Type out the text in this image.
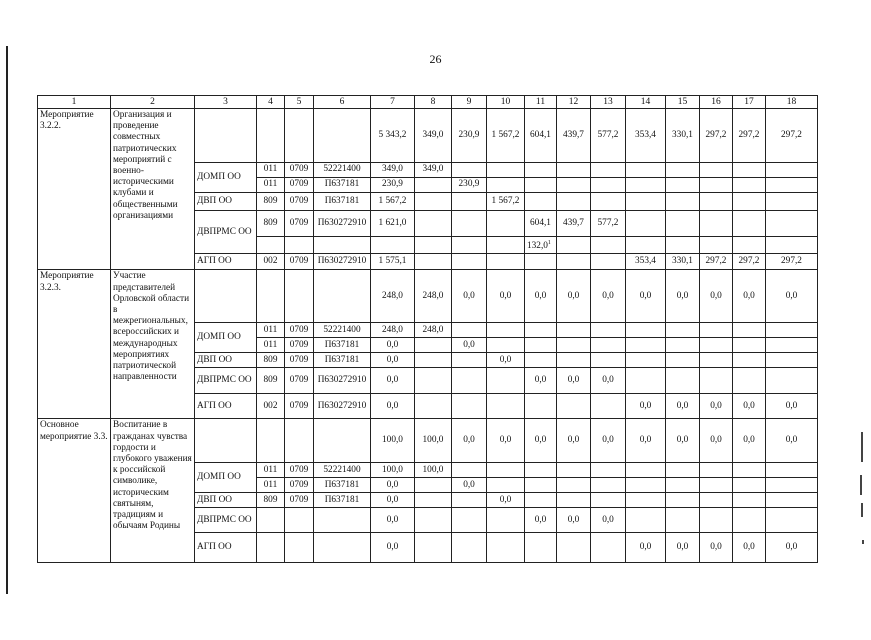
26
1	2	3	4	5	6	7	8	9	10	11	12	13	14	15	16	17	18
Мероприятие 3.2.2.	Организация и проведение совместных патриотических мероприятий с военно-историческими клубами и общественными организациями					5 343,2	349,0	230,9	1 567,2	604,1	439,7	577,2	353,4	330,1	297,2	297,2	297,2
		ДОМП ОО	011	0709	52221400	349,0	349,0										
			011	0709	П637181	230,9		230,9									
		ДВП ОО	809	0709	П637181	1 567,2			1 567,2								
		ДВПРМС ОО	809	0709	П630272910	1 621,0				604,1	439,7	577,2					
										132,0$^1$							
		АГП ОО	002	0709	П630272910	1 575,1							353,4	330,1	297,2	297,2	297,2
Мероприятие 3.2.3.	Участие представителей Орловской области в межрегиональных, всероссийских и международных мероприятиях патриотической направленности					248,0	248,0	0,0	0,0	0,0	0,0	0,0	0,0	0,0	0,0	0,0	0,0
		ДОМП ОО	011	0709	52221400	248,0	248,0										
			011	0709	П637181	0,0		0,0									
		ДВП ОО	809	0709	П637181	0,0			0,0								
		ДВПРМС ОО	809	0709	П630272910	0,0				0,0	0,0	0,0					
		АГП ОО	002	0709	П630272910	0,0							0,0	0,0	0,0	0,0	0,0
Основное мероприятие 3.3.	Воспитание в гражданах чувства гордости и глубокого уважения к российской символике, историческим святыням, традициям и обычаям Родины					100,0	100,0	0,0	0,0	0,0	0,0	0,0	0,0	0,0	0,0	0,0	0,0
		ДОМП ОО	011	0709	52221400	100,0	100,0										
			011	0709	П637181	0,0		0,0									
		ДВП ОО	809	0709	П637181	0,0			0,0								
		ДВПРМС ОО				0,0				0,0	0,0	0,0					
		АГП ОО				0,0							0,0	0,0	0,0	0,0	0,0
